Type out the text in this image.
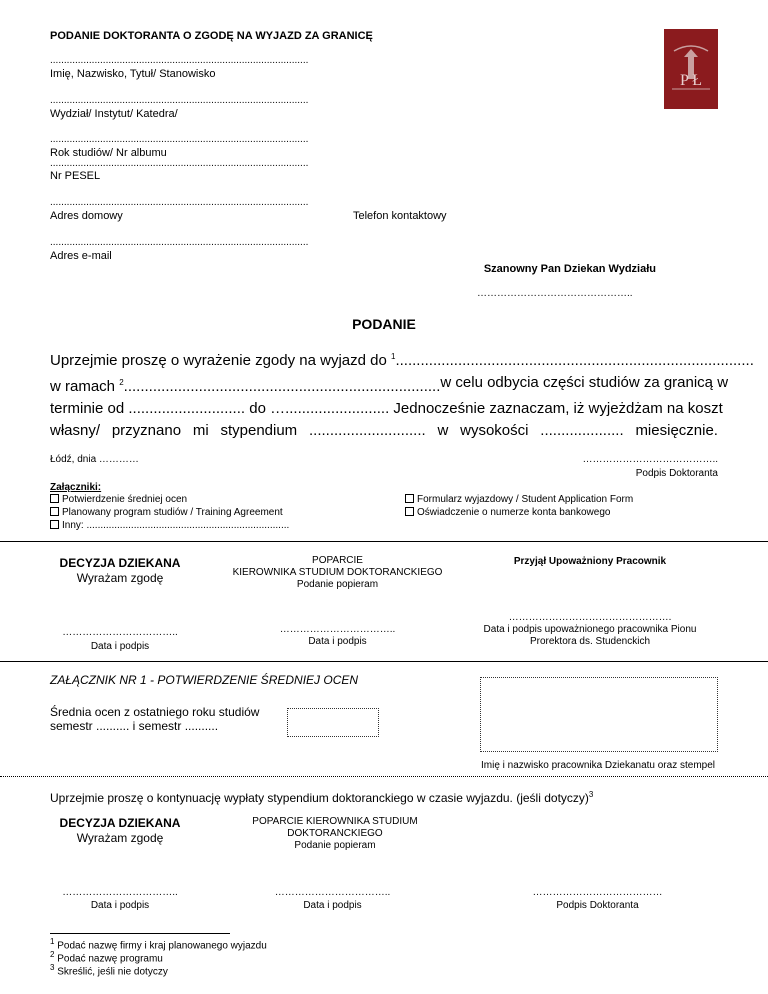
PODANIE DOKTORANTA O ZGODĘ NA WYJAZD ZA GRANICĘ
P Ł
.............................................................................................
Imię, Nazwisko, Tytuł/ Stanowisko
.............................................................................................
Wydział/ Instytut/ Katedra/
.............................................................................................
Rok studiów/ Nr albumu
.............................................................................................
Nr PESEL
.............................................................................................
Adres domowy	Telefon kontaktowy
.............................................................................................
Adres e-mail
Szanowny Pan Dziekan Wydziału
………………………………………..
PODANIE
Uprzejmie proszę o wyrażenie zgody na wyjazd do $^1$......................................................................................
w ramach $^2$............................................................................ w celu odbycia części studiów za granicą w
terminie od ............................ do …......................... Jednocześnie zaznaczam, iż wyjeżdżam na koszt
własny/ przyznano mi stypendium ............................ w wysokości .................... miesięcznie.
Łódź, dnia …………	…………………………………..
Podpis Doktoranta
Załączniki:
Potwierdzenie średniej ocen
Planowany program studiów / Training Agreement
Inny: .........................................................................
Formularz wyjazdowy / Student Application Form
Oświadczenie o numerze konta bankowego
DECYZJA DZIEKANA
Wyrażam zgodę
……………………………..
Data i podpis
POPARCIE
KIEROWNIKA STUDIUM DOKTORANCKIEGO
Podanie popieram
……………………………..
Data i podpis
Przyjął Upoważniony Pracownik
………………………………………….
Data i podpis upoważnionego pracownika Pionu
Prorektora ds. Studenckich
ZAŁĄCZNIK NR 1 - POTWIERDZENIE ŚREDNIEJ OCEN
Średnia ocen z ostatniego roku studiów
semestr .......... i semestr ..........
Imię i nazwisko pracownika Dziekanatu oraz stempel
Uprzejmie proszę o kontynuację wypłaty stypendium doktoranckiego w czasie wyjazdu. (jeśli dotyczy)$^3$
DECYZJA DZIEKANA
Wyrażam zgodę
POPARCIE KIEROWNIKA STUDIUM
DOKTORANCKIEGO
Podanie popieram
……………………………..
Data i podpis
……………………………..
Data i podpis
…………………………………
Podpis Doktoranta
$^1$ Podać nazwę firmy i kraj planowanego wyjazdu
$^2$ Podać nazwę programu
$^3$ Skreślić, jeśli nie dotyczy
